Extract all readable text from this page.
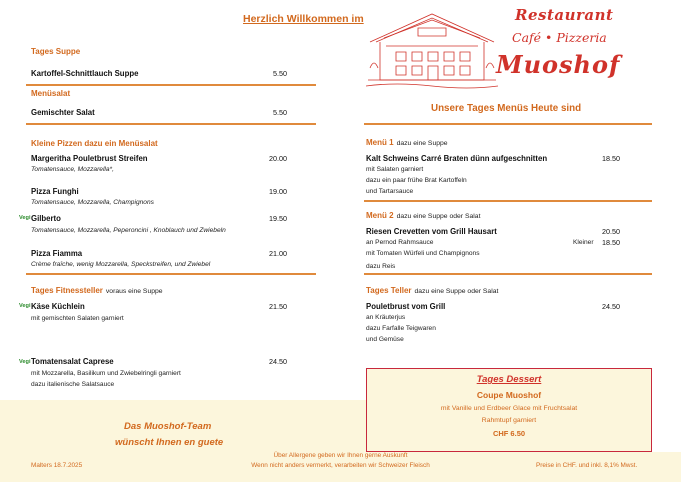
Herzlich Willkommen im	Restaurant
Café • Pizzeria
Muoshof
Tages Suppe
Kartoffel-Schnittlauch Suppe	5.50
Menüsalat
Gemischter Salat	5.50
Kleine Pizzen dazu ein Menüsalat
Margeritha Pouletbrust Streifen	20.00
Tomatensauce, Mozzarella*,
Pizza Funghi	19.00
Tomatensauce, Mozzarella, Champignons
Vegi Gilberto	19.50
Tomatensauce, Mozzarella, Peperoncini , Knoblauch und Zwiebeln
Pizza Fiamma	21.00
Crème fraîche, wenig Mozzarella, Speckstreifen, und Zwiebel
Tages Fitnessteller voraus eine Suppe
Vegi Käse Küchlein	21.50
mit gemischten Salaten garniert
Vegi Tomatensalat Caprese	24.50
mit Mozzarella, Basilikum und Zwiebelringli garniert
dazu italienische Salatsauce
Unsere Tages Menüs Heute sind
Menü 1 dazu eine Suppe
Kalt Schweins Carré Braten dünn aufgeschnitten	18.50
mit Salaten garniert
dazu ein paar frühe Brat Kartoffeln
und Tartarsauce
Menü 2 dazu eine Suppe oder Salat
Riesen Crevetten vom Grill Hausart	20.50
an Pernod Rahmsauce	Kleiner	18.50
mit Tomaten Würfeli und Champignons
dazu Reis
Tages Teller dazu eine Suppe oder Salat
Pouletbrust vom Grill	24.50
an Kräuterjus
dazu Farfalle Teigwaren
und Gemüse
Tages Dessert
Coupe Muoshof
mit Vanille und Erdbeer Glace mit Fruchtsalat
Rahmtupf garniert
CHF 6.50
Das Muoshof-Team
wünscht Ihnen en guete
Über Allergene geben wir Ihnen gerne Auskunft
Wenn nicht anders vermerkt, verarbeiten wir Schweizer Fleisch
Malters 18.7.2025	Preise in CHF. und inkl. 8,1% Mwst.
